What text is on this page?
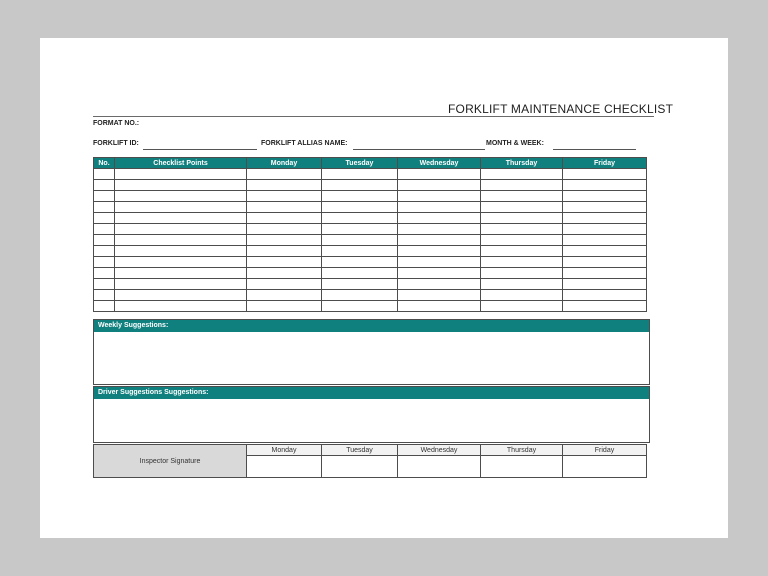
FORKLIFT MAINTENANCE CHECKLIST
FORMAT NO.:
FORKLIFT ID:	FORKLIFT ALLIAS NAME:	MONTH & WEEK:
No.	Checklist Points	Monday	Tuesday	Wednesday	Thursday	Friday

Weekly Suggestions:
Driver Suggestions Suggestions:
Inspector Signature	Monday	Tuesday	Wednesday	Thursday	Friday
